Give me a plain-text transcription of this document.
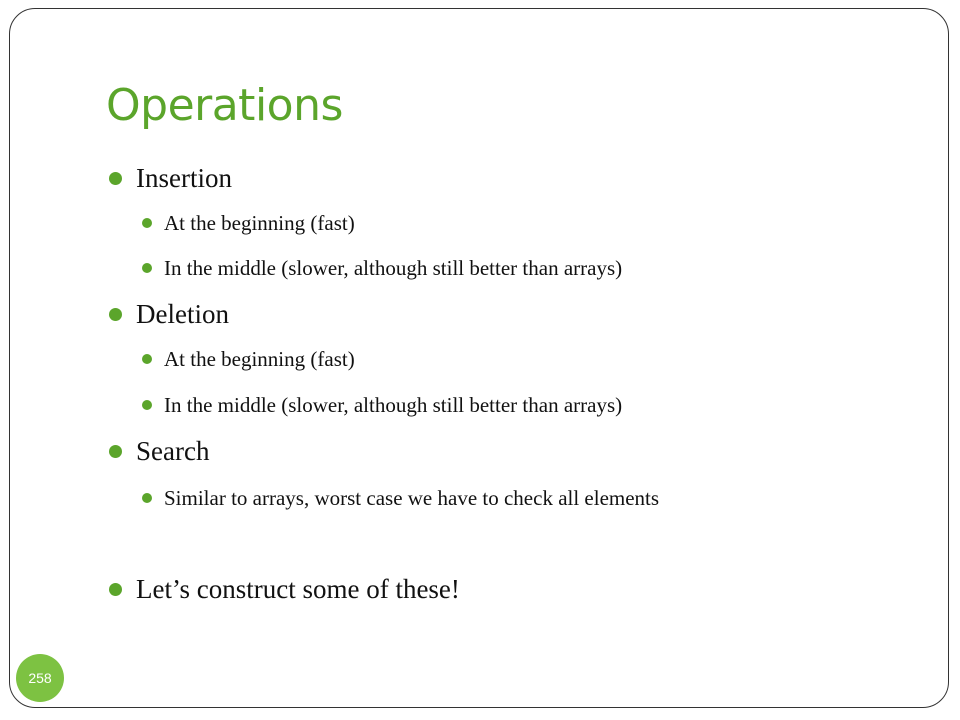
Operations
Insertion
At the beginning (fast)
In the middle (slower, although still better than arrays)
Deletion
At the beginning (fast)
In the middle (slower, although still better than arrays)
Search
Similar to arrays, worst case we have to check all elements
Let’s construct some of these!
258
